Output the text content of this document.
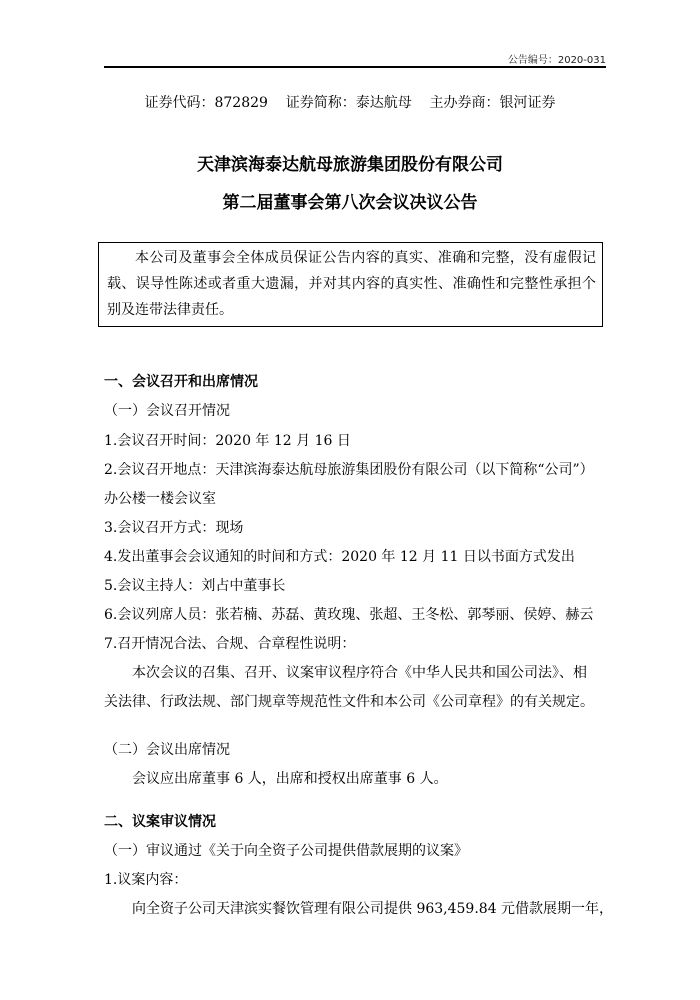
公告编号：2020-031
证券代码：872829    证券简称：泰达航母    主办券商：银河证券
天津滨海泰达航母旅游集团股份有限公司
第二届董事会第八次会议决议公告
本公司及董事会全体成员保证公告内容的真实、准确和完整，没有虚假记载、误导性陈述或者重大遗漏，并对其内容的真实性、准确性和完整性承担个别及连带法律责任。
一、会议召开和出席情况
（一）会议召开情况
1.会议召开时间：2020 年 12 月 16 日
2.会议召开地点：天津滨海泰达航母旅游集团股份有限公司（以下简称“公司”）
办公楼一楼会议室
3.会议召开方式：现场
4.发出董事会会议通知的时间和方式：2020 年 12 月 11 日以书面方式发出
5.会议主持人：刘占中董事长
6.会议列席人员：张若楠、苏磊、黄玫瑰、张超、王冬松、郭琴丽、侯婷、赫云
7.召开情况合法、合规、合章程性说明：
本次会议的召集、召开、议案审议程序符合《中华人民共和国公司法》、相
关法律、行政法规、部门规章等规范性文件和本公司《公司章程》的有关规定。
（二）会议出席情况
会议应出席董事 6 人，出席和授权出席董事 6 人。
二、议案审议情况
（一）审议通过《关于向全资子公司提供借款展期的议案》
1.议案内容：
向全资子公司天津滨实餐饮管理有限公司提供 963,459.84 元借款展期一年，
